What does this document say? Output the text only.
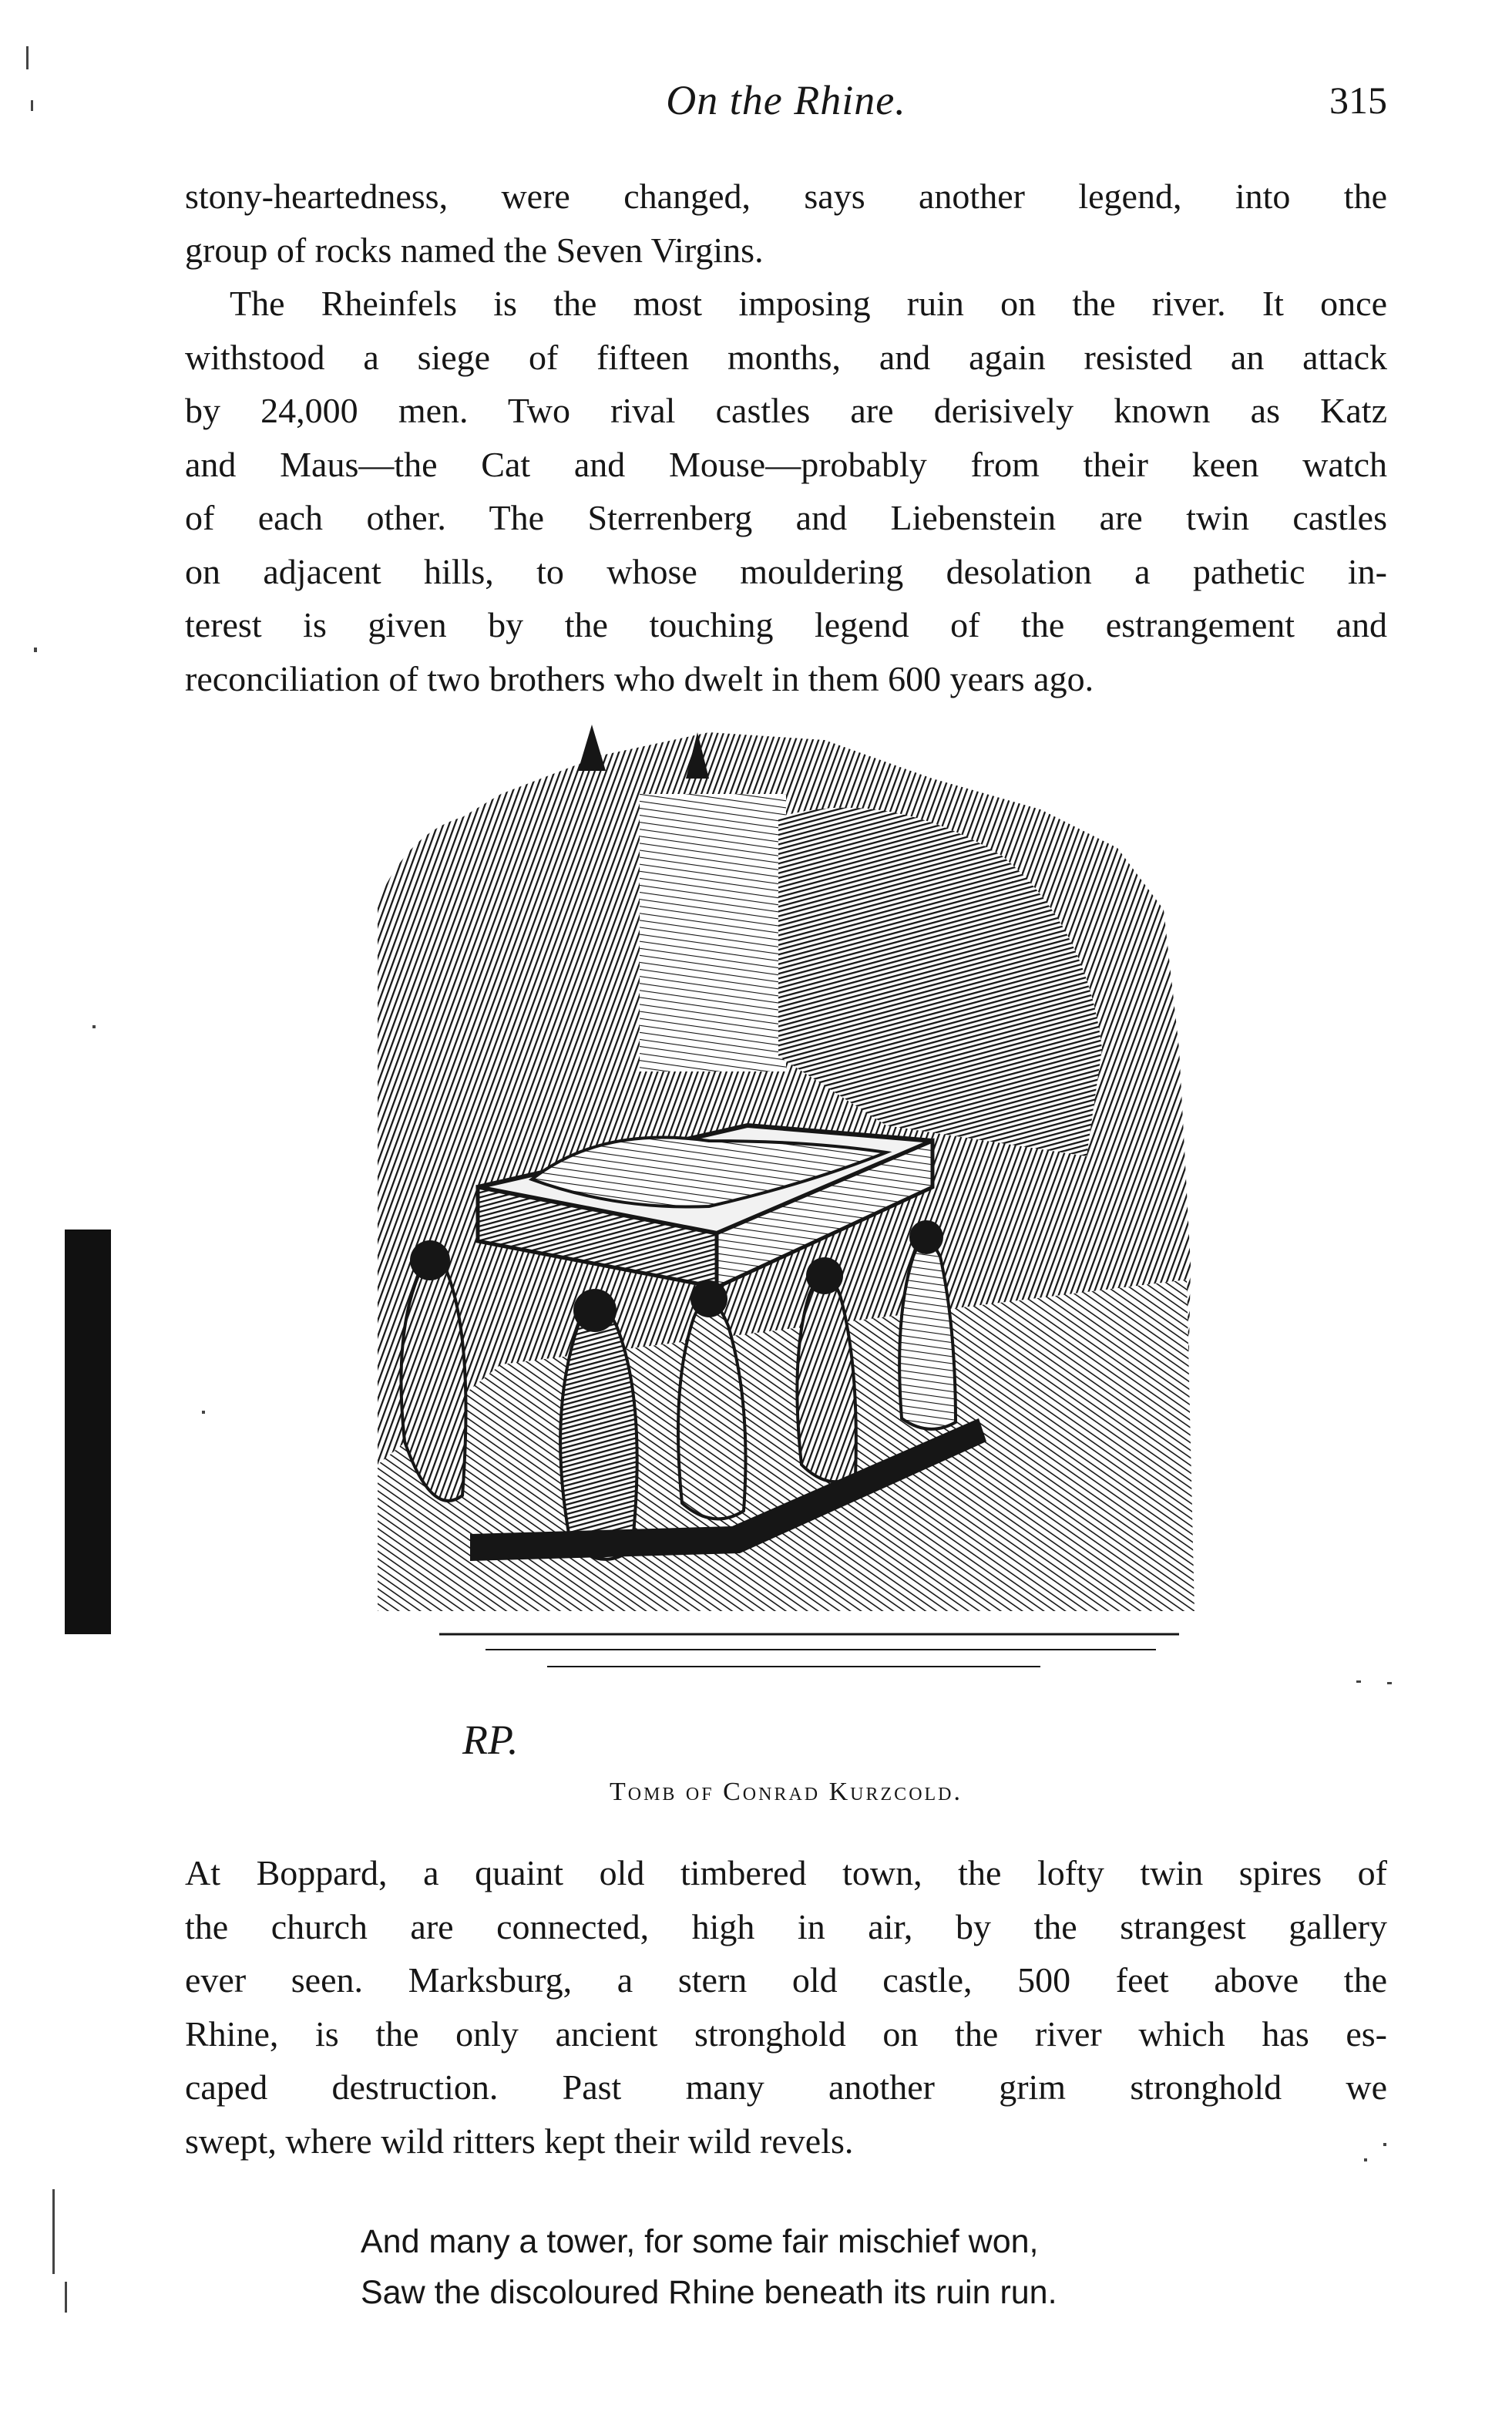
On the Rhine.	315

stony-heartedness, were changed, says another legend, into the

group of rocks named the Seven Virgins.

The Rheinfels is the most imposing ruin on the river. It once

withstood a siege of fifteen months, and again resisted an attack

by 24,000 men. Two rival castles are derisively known as Katz

and Maus—the Cat and Mouse—probably from their keen watch

of each other. The Sterrenberg and Liebenstein are twin castles

on adjacent hills, to whose mouldering desolation a pathetic in-

terest is given by the touching legend of the estrangement and

reconciliation of two brothers who dwelt in them 600 years ago.

RP.
Tomb of Conrad Kurzcold.

At Boppard, a quaint old timbered town, the lofty twin spires of

the church are connected, high in air, by the strangest gallery

ever seen. Marksburg, a stern old castle, 500 feet above the

Rhine, is the only ancient stronghold on the river which has es-

caped destruction. Past many another grim stronghold we

swept, where wild ritters kept their wild revels.

And many a tower, for some fair mischief won,
Saw the discoloured Rhine beneath its ruin run.
